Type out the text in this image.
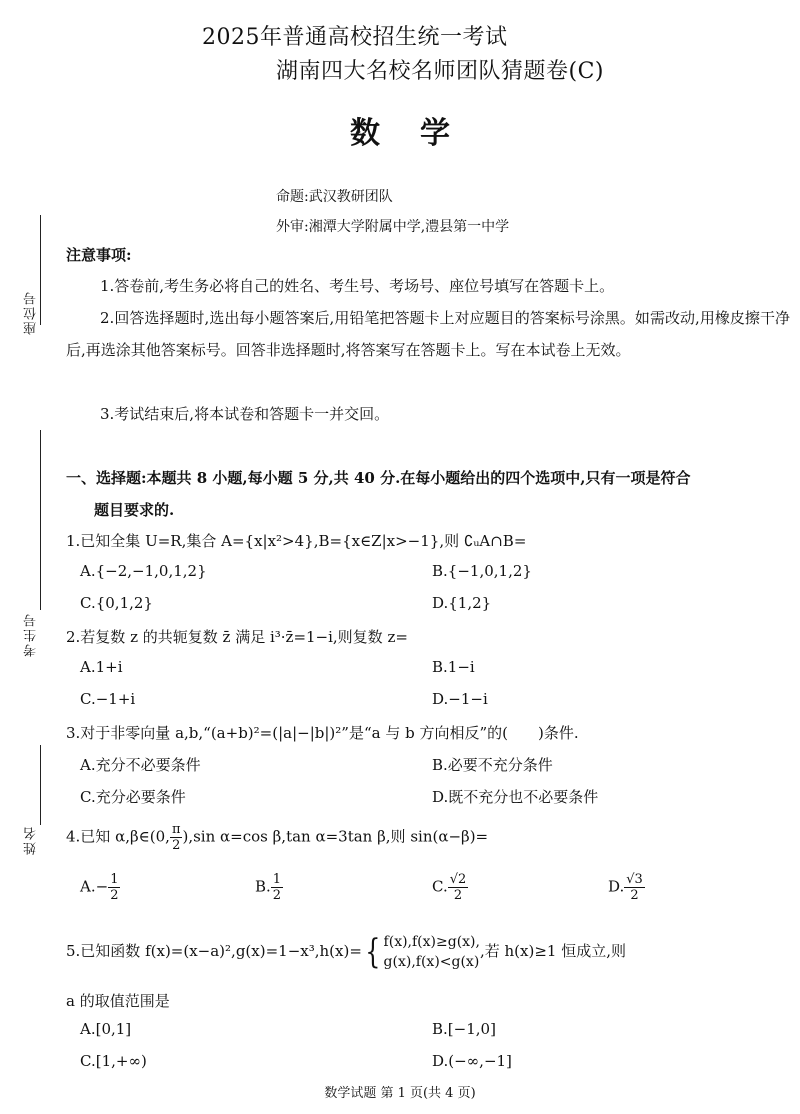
2025年普通高校招生统一考试
湖南四大名校名师团队猜题卷(C)
数学
命题:武汉教研团队
外审:湘潭大学附属中学,澧县第一中学
座位号
考生号
姓名
注意事项:
1.答卷前,考生务必将自己的姓名、考生号、考场号、座位号填写在答题卡上。
2.回答选择题时,选出每小题答案后,用铅笔把答题卡上对应题目的答案标号涂黑。如需改动,用橡皮擦干净后,再选涂其他答案标号。回答非选择题时,将答案写在答题卡上。写在本试卷上无效。
3.考试结束后,将本试卷和答题卡一并交回。
一、选择题:本题共 8 小题,每小题 5 分,共 40 分.在每小题给出的四个选项中,只有一项是符合
题目要求的.
1.已知全集 U=R,集合 A={x|x²>4},B={x∈Z|x>−1},则 ∁ᵤA∩B=
A.{−2,−1,0,1,2}	B.{−1,0,1,2}
C.{0,1,2}	D.{1,2}
2.若复数 z 的共轭复数 z̄ 满足 i³·z̄=1−i,则复数 z=
A.1+i	B.1−i
C.−1+i	D.−1−i
3.对于非零向量 a,b,“(a+b)²=(|a|−|b|)²”是“a 与 b 方向相反”的(　　)条件.
A.充分不必要条件	B.必要不充分条件
C.充分必要条件	D.既不充分也不必要条件
4.已知 α,β∈(0, $\frac{\pi}{2} ),\sin$ α=cos β,tan α=3tan β,则 sin(α−β)=
$A.- \frac{1}{2}$	B. $\frac{1}{2}$	C. $\frac{√2}{2}$	D. $\frac{√3}{2}$
5.已知函数 f(x)=(x−a)²,g(x)=1−x³,h(x)= { f(x),f(x)≥g(x),
g(x),f(x)<g(x)
,若 h(x)≥1 恒成立,则
a 的取值范围是
A.[0,1]	B.[−1,0]
C.[1,+∞)	D.(−∞,−1]
数学试题 第 1 页(共 4 页)
